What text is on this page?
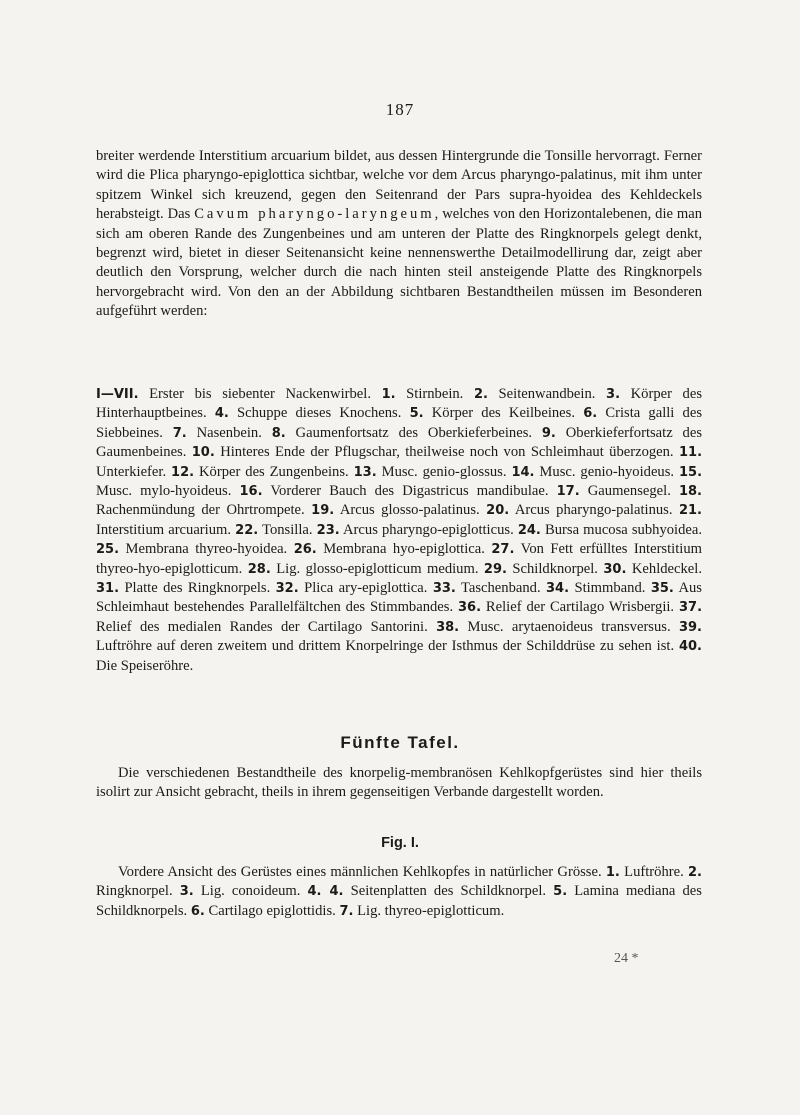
187
breiter werdende Interstitium arcuarium bildet, aus dessen Hintergrunde die Tonsille hervorragt. Ferner wird die Plica pharyngo-epiglottica sichtbar, welche vor dem Arcus pharyngo-palatinus, mit ihm unter spitzem Winkel sich kreuzend, gegen den Seitenrand der Pars supra-hyoidea des Kehldeckels herabsteigt. Das Cavum pharyngo-laryngeum, welches von den Horizontalebenen, die man sich am oberen Rande des Zungenbeines und am unteren der Platte des Ringknorpels gelegt denkt, begrenzt wird, bietet in dieser Seitenansicht keine nennenswerthe Detailmodellirung dar, zeigt aber deutlich den Vorsprung, welcher durch die nach hinten steil ansteigende Platte des Ringknorpels hervorgebracht wird. Von den an der Abbildung sichtbaren Bestandtheilen müssen im Besonderen aufgeführt werden:
I—VII. Erster bis siebenter Nackenwirbel. 1. Stirnbein. 2. Seitenwandbein. 3. Körper des Hinterhauptbeines. 4. Schuppe dieses Knochens. 5. Körper des Keilbeines. 6. Crista galli des Siebbeines. 7. Nasenbein. 8. Gaumenfortsatz des Oberkieferbeines. 9. Oberkieferfortsatz des Gaumenbeines. 10. Hinteres Ende der Pflugschar, theilweise noch von Schleimhaut überzogen. 11. Unterkiefer. 12. Körper des Zungenbeins. 13. Musc. genio-glossus. 14. Musc. genio-hyoideus. 15. Musc. mylo-hyoideus. 16. Vorderer Bauch des Digastricus mandibulae. 17. Gaumensegel. 18. Rachenmündung der Ohrtrompete. 19. Arcus glosso-palatinus. 20. Arcus pharyngo-palatinus. 21. Interstitium arcuarium. 22. Tonsilla. 23. Arcus pharyngo-epiglotticus. 24. Bursa mucosa subhyoidea. 25. Membrana thyreo-hyoidea. 26. Membrana hyo-epiglottica. 27. Von Fett erfülltes Interstitium thyreo-hyo-epiglotticum. 28. Lig. glosso-epiglotticum medium. 29. Schildknorpel. 30. Kehldeckel. 31. Platte des Ringknorpels. 32. Plica ary-epiglottica. 33. Taschenband. 34. Stimmband. 35. Aus Schleimhaut bestehendes Parallelfältchen des Stimmbandes. 36. Relief der Cartilago Wrisbergii. 37. Relief des medialen Randes der Cartilago Santorini. 38. Musc. arytaenoideus transversus. 39. Luftröhre auf deren zweitem und drittem Knorpelringe der Isthmus der Schilddrüse zu sehen ist. 40. Die Speiseröhre.
Fünfte Tafel.
Die verschiedenen Bestandtheile des knorpelig-membranösen Kehlkopfgerüstes sind hier theils isolirt zur Ansicht gebracht, theils in ihrem gegenseitigen Verbande dargestellt worden.
Fig. I.
Vordere Ansicht des Gerüstes eines männlichen Kehlkopfes in natürlicher Grösse. 1. Luftröhre. 2. Ringknorpel. 3. Lig. conoideum. 4. 4. Seitenplatten des Schildknorpel. 5. Lamina mediana des Schildknorpels. 6. Cartilago epiglottidis. 7. Lig. thyreo-epiglotticum.
24 *
